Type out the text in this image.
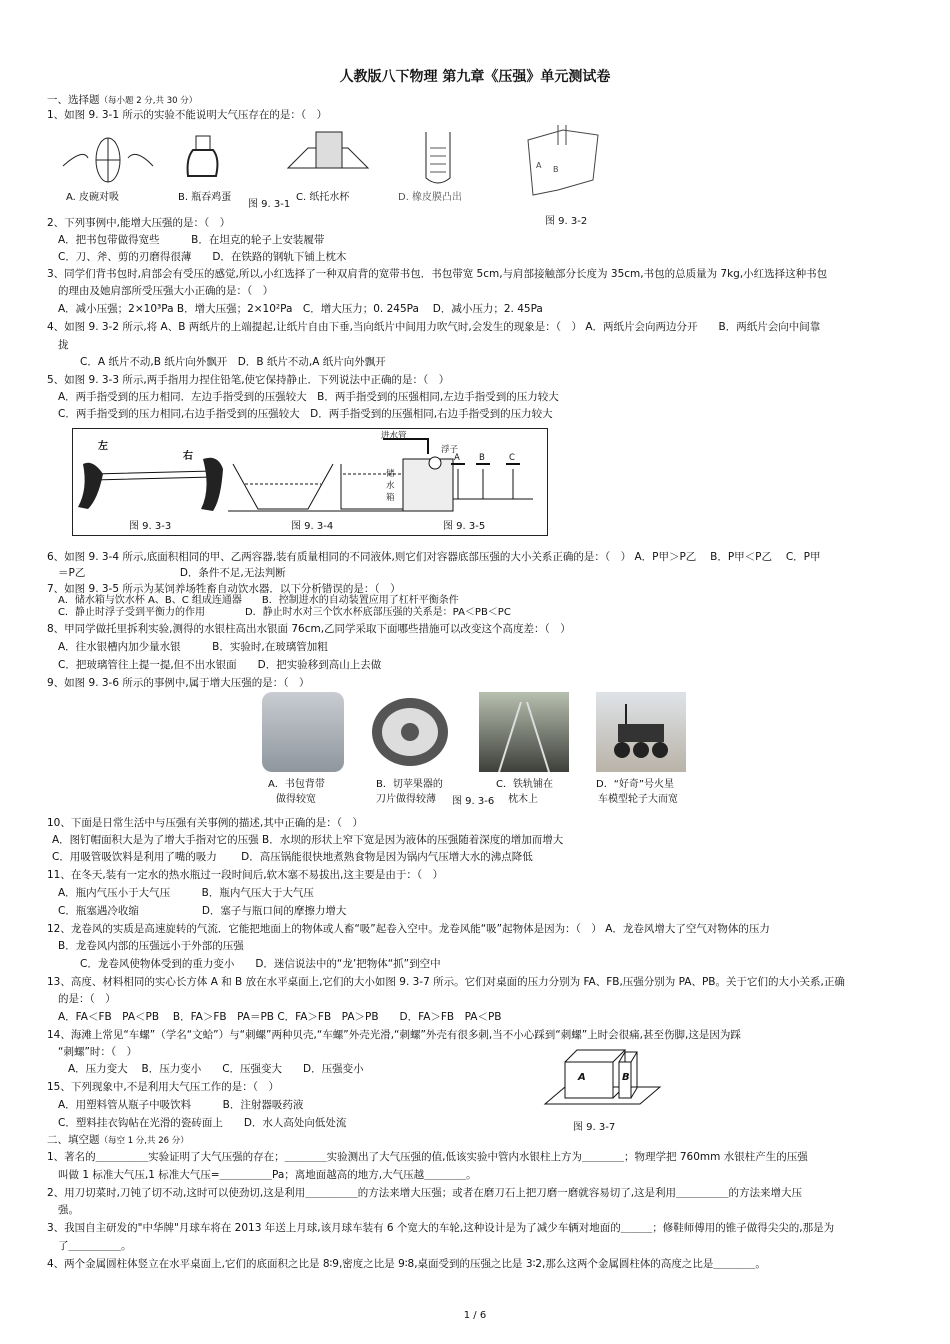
人教版八下物理 第九章《压强》单元测试卷
一、选择题（每小题 2 分,共 30 分）
1、如图 9. 3-1 所示的实验不能说明大气压存在的是：（　）
A. 皮碗对吸	B. 瓶吞鸡蛋
图 9. 3-1
C. 纸托水杯	D. 橡皮膜凸出
A B
图 9. 3-2
2、下列事例中,能增大压强的是：（　）
A．把书包带做得宽些　　　B．在坦克的轮子上安装履带
C．刀、斧、剪的刃磨得很薄　　D．在铁路的钢轨下铺上枕木
3、同学们背书包时,肩部会有受压的感觉,所以,小红选择了一种双肩背的宽带书包．书包带宽 5cm,与肩部接触部分长度为 35cm,书包的总质量为 7kg,小红选择这种书包
的理由及她肩部所受压强大小正确的是：（　）
A．减小压强；2×10³Pa B．增大压强；2×10²Pa　C．增大压力；0. 245Pa　 D．减小压力；2. 45Pa
4、如图 9. 3-2 所示,将 A、B 两纸片的上端提起,让纸片自由下垂,当向纸片中间用力吹气时,会发生的现象是：（　） A．两纸片会向两边分开　　B．两纸片会向中间靠
拢
C．A 纸片不动,B 纸片向外飘开　D．B 纸片不动,A 纸片向外飘开
5、如图 9. 3-3 所示,两手指用力捏住铅笔,使它保持静止．下列说法中正确的是：（　）
A．两手指受到的压力相同．左边手指受到的压强较大　B．两手指受到的压强相同,左边手指受到的压力较大
C．两手指受到的压力相同,右边手指受到的压强较大　D．两手指受到的压强相同,右边手指受到的压力较大
左
右
进水管
浮子
储水箱
A B	C
图 9. 3-3	图 9. 3-4	图 9. 3-5
6、如图 9. 3-4 所示,底面积相同的甲、乙两容器,装有质量相同的不同液体,则它们对容器底部压强的大小关系正确的是：（　） A．P甲＞P乙　 B．P甲＜P乙　 C．P甲
＝P乙　　　　　　　　　D．条件不足,无法判断
7、如图 9. 3-5 所示为某饲养场牲畜自动饮水器．以下分析错误的是：（　）
A．储水箱与饮水杯 A、B、C 组成连通器　　B．控制进水的自动装置应用了杠杆平衡条件
C．静止时浮子受到平衡力的作用　　　　D．静止时水对三个饮水杯底部压强的关系是：PA＜PB＜PC
8、甲同学做托里拆利实验,测得的水银柱高出水银面 76cm,乙同学采取下面哪些措施可以改变这个高度差：（　）
A．往水银槽内加少量水银　　　B．实验时,在玻璃管加粗
C．把玻璃管往上提一提,但不出水银面　　D．把实验移到高山上去做
9、如图 9. 3-6 所示的事例中,属于增大压强的是：（　）
A．书包背带
做得较宽
B．切苹果器的
刀片做得较薄 图 9. 3-6
C．铁轨铺在
枕木上
D．“好奇”号火星
车模型轮子大而宽
10、下面是日常生活中与压强有关事例的描述,其中正确的是：（　）
A．图钉帽面积大是为了增大手指对它的压强 B．水坝的形状上窄下宽是因为液体的压强随着深度的增加而增大
C．用吸管吸饮料是利用了嘴的吸力　　 D．高压锅能很快地煮熟食物是因为锅内气压增大水的沸点降低
11、在冬天,装有一定水的热水瓶过一段时间后,软木塞不易拔出,这主要是由于：（　）
A．瓶内气压小于大气压　　　B．瓶内气压大于大气压
C．瓶塞遇冷收缩　　　　　　D．塞子与瓶口间的摩擦力增大
12、龙卷风的实质是高速旋转的气流．它能把地面上的物体或人畜“吸”起卷入空中。龙卷风能“吸”起物体是因为：（　） A．龙卷风增大了空气对物体的压力
B．龙卷风内部的压强远小于外部的压强
C．龙卷风使物体受到的重力变小　　D．迷信说法中的“龙’把物体“抓”到空中
13、高度、材料相同的实心长方体 A 和 B 放在水平桌面上,它们的大小如图 9. 3-7 所示。它们对桌面的压力分别为 FA、FB,压强分别为 PA、PB。关于它们的大小关系,正确
的是：（　）
A．FA＜FB　PA＜PB　 B．FA＞FB　PA＝PB C．FA＞FB　PA＞PB　　D．FA＞FB　PA＜PB
14、海滩上常见“车螺”（学名“文蛤”）与“刺螺”两种贝壳,“车螺”外壳光滑,“刺螺”外壳有很多刺,当不小心踩到“刺螺”上时会很痛,甚至伤脚,这是因为踩
“刺螺”时：（　）
A．压力变大　 B．压力变小　　C．压强变大　　D．压强变小
A	B
图 9. 3-7
15、下列现象中,不是利用大气压工作的是：（　）
A．用塑料管从瓶子中吸饮料　　　B．注射器吸药液
C．塑料挂衣钩帖在光滑的瓷砖面上　　D．水人高处向低处流
二、填空题（每空 1 分,共 26 分）
1、著名的＿＿＿＿＿实验证明了大气压强的存在；＿＿＿＿实验测出了大气压强的值,低该实验中管内水银柱上方为＿＿＿＿；物理学把 760mm 水银柱产生的压强
叫做 1 标准大气压,1 标准大气压=＿＿＿＿＿Pa；离地面越高的地方,大气压越＿＿＿＿。
2、用刀切菜时,刀钝了切不动,这时可以使劲切,这是利用＿＿＿＿＿的方法来增大压强；或者在磨刀石上把刀磨一磨就容易切了,这是利用＿＿＿＿＿的方法来增大压
强。
3、我国自主研发的"中华牌"月球车将在 2013 年送上月球,该月球车装有 6 个宽大的车轮,这种设计是为了减少车辆对地面的＿＿＿；修鞋师傅用的锥子做得尖尖的,那是为
了＿＿＿＿＿。
4、两个金属圆柱体竖立在水平桌面上,它们的底面积之比是 8∶9,密度之比是 9∶8,桌面受到的压强之比是 3∶2,那么这两个金属圆柱体的高度之比是＿＿＿＿。
1 / 6
